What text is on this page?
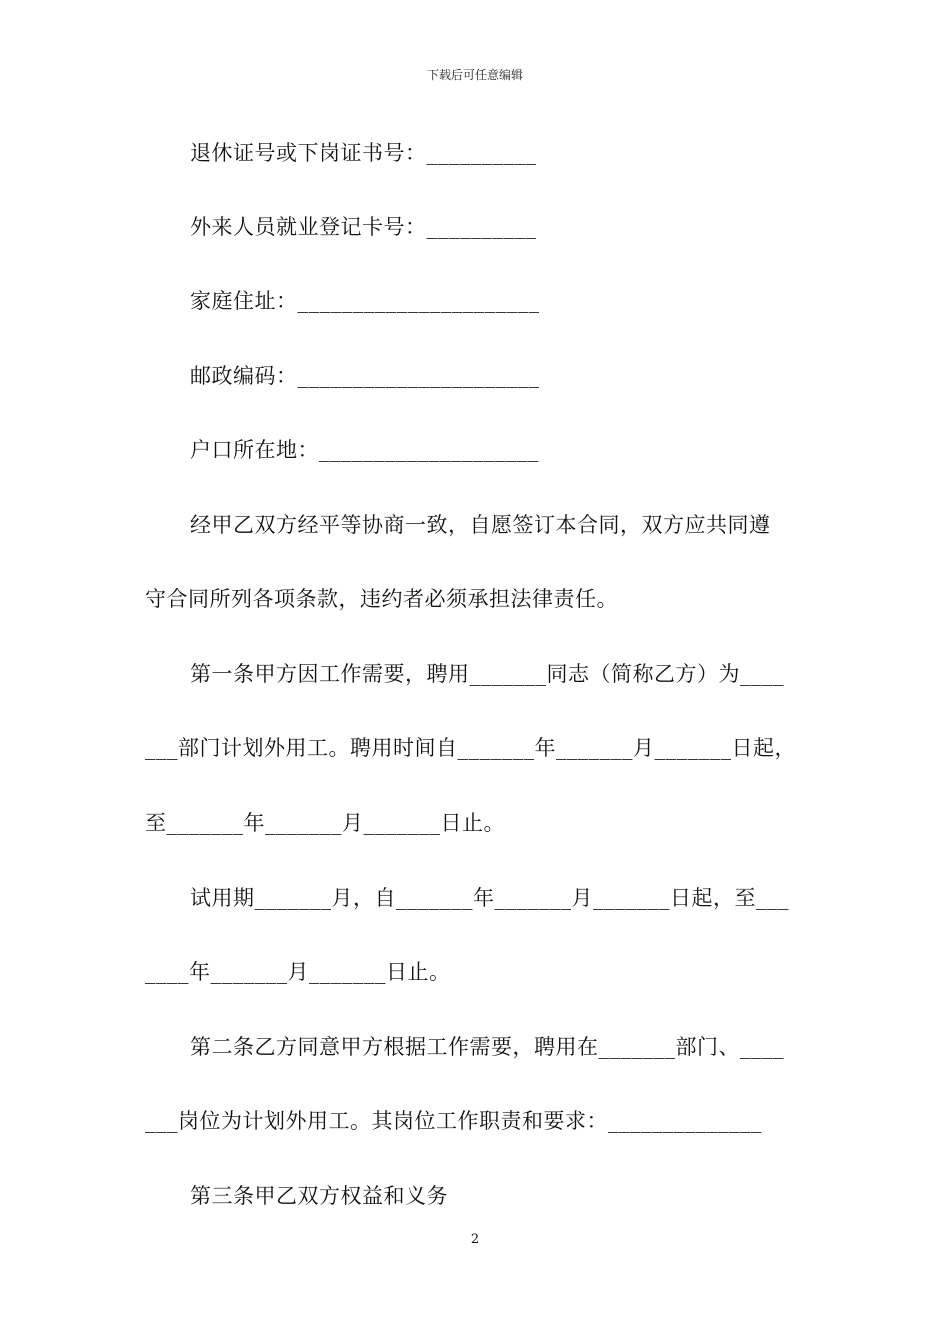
下载后可任意编辑
退休证号或下岗证书号：__________
外来人员就业登记卡号：__________
家庭住址：______________________
邮政编码：______________________
户口所在地：____________________
经甲乙双方经平等协商一致，自愿签订本合同，双方应共同遵
守合同所列各项条款，违约者必须承担法律责任。
第一条甲方因工作需要，聘用_______同志（简称乙方）为____
___部门计划外用工。聘用时间自_______年_______月_______日起，
至_______年_______月_______日止。
试用期_______月，自_______年_______月_______日起，至___
____年_______月_______日止。
第二条乙方同意甲方根据工作需要，聘用在_______部门、____
___岗位为计划外用工。其岗位工作职责和要求：______________
第三条甲乙双方权益和义务
2
